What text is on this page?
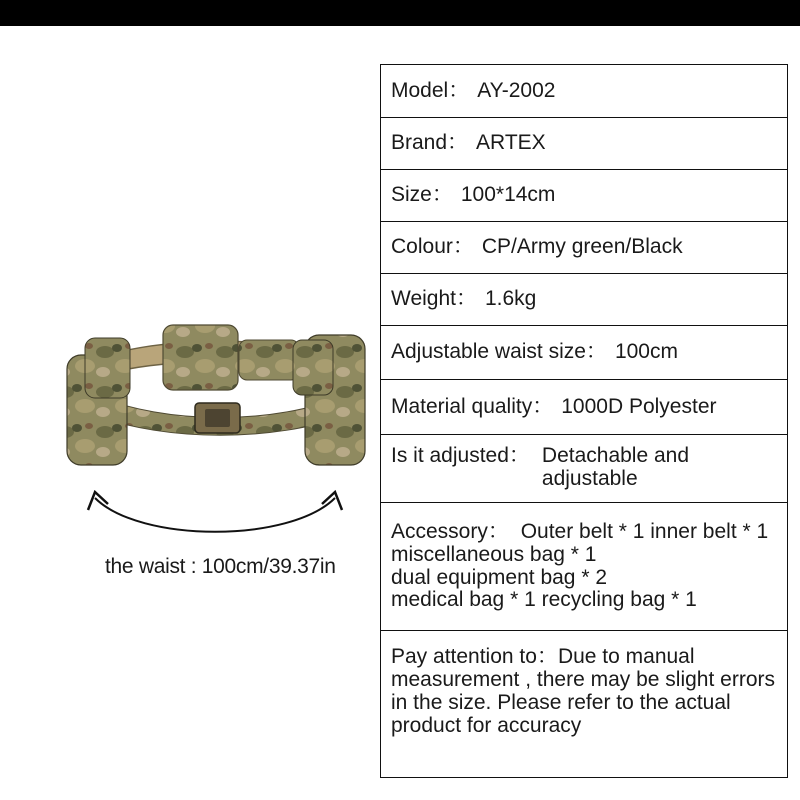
the waist : 100cm/39.37in
Model： AY-2002
Brand： ARTEX
Size： 100*14cm
Colour： CP/Army green/Black
Weight： 1.6kg
Adjustable waist size： 100cm
Material quality： 1000D Polyester
Is it adjusted： Detachable and adjustable
Accessory： Outer belt * 1 inner belt * 1
miscellaneous bag * 1
dual equipment bag * 2
medical bag * 1 recycling bag * 1
Pay attention to：Due to manual measurement , there may be slight errors in the size. Please refer to the actual product for accuracy
